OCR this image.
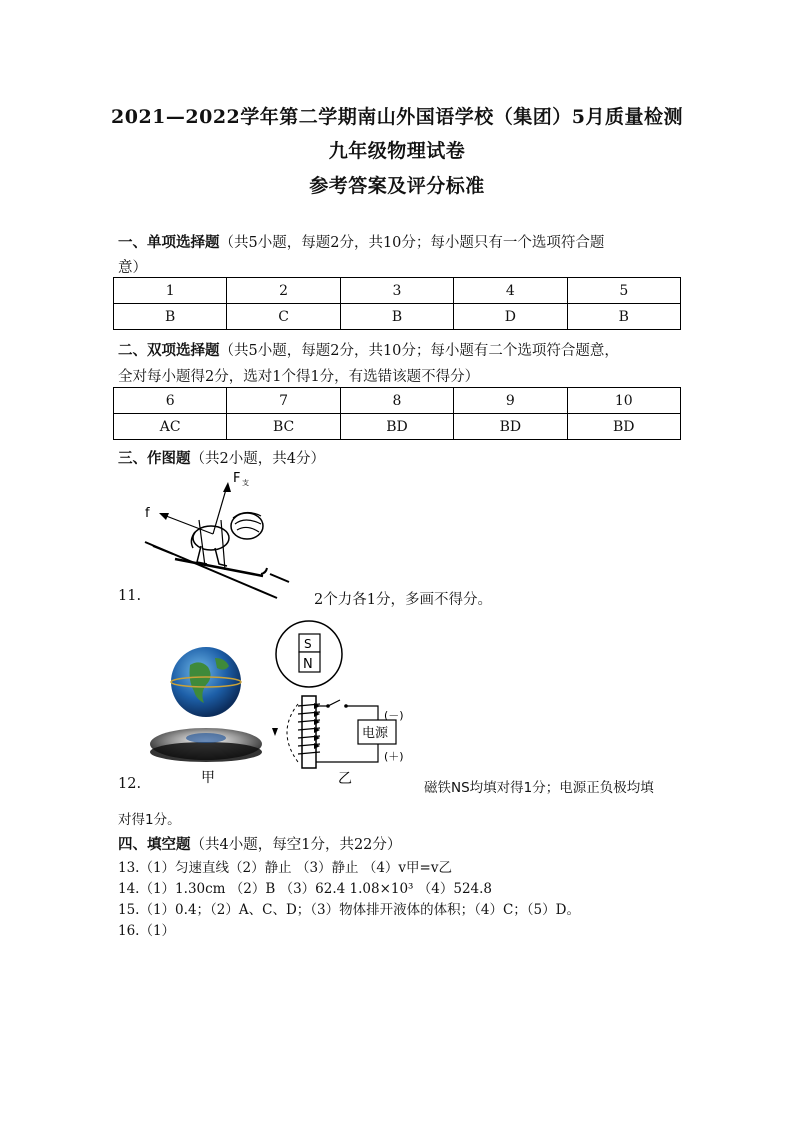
2021—2022学年第二学期南山外国语学校（集团）5月质量检测
九年级物理试卷
参考答案及评分标准
一、单项选择题（共5小题，每题2分，共10分；每小题只有一个选项符合题
意）
1	2	3	4	5
B	C	B	D	B
二、双项选择题（共5小题，每题2分，共10分；每小题有二个选项符合题意，
全对每小题得2分，选对1个得1分，有选错该题不得分）
6	7	8	9	10
AC	BC	BD	BD	BD
三、作图题（共2小题，共4分）
f
F 支
11.	2个力各1分，多画不得分。
甲
S
N
电源
(－)
(＋)
乙
12.	磁铁NS均填对得1分；电源正负极均填
对得1分。
四、填空题（共4小题，每空1分，共22分）
13.（1）匀速直线（2）静止 （3）静止 （4）v甲=v乙
14.（1）1.30cm （2）B （3）62.4 1.08×10³ （4）524.8
15.（1）0.4；（2）A、C、D；（3）物体排开液体的体积；（4）C；（5）D。
16.（1）
